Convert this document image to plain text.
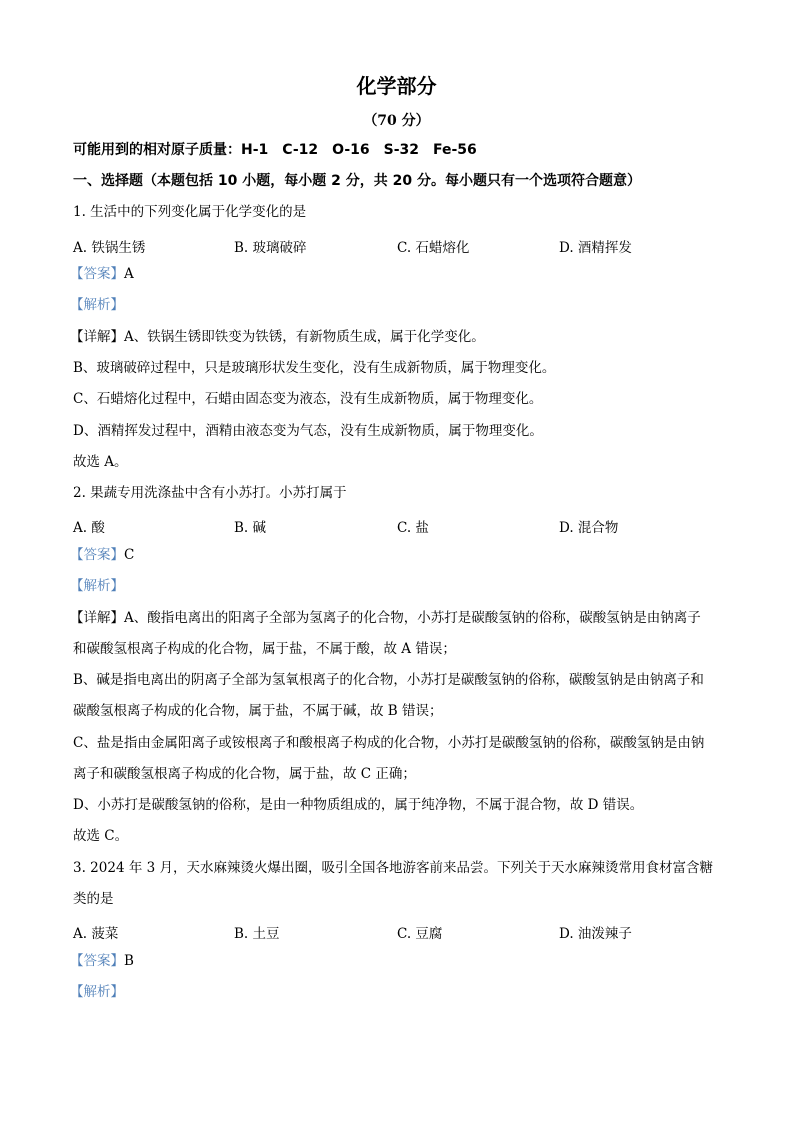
化学部分
（70 分）
可能用到的相对原子质量：H-1　C-12　O-16　S-32　Fe-56
一、选择题（本题包括 10 小题，每小题 2 分，共 20 分。每小题只有一个选项符合题意）
1. 生活中的下列变化属于化学变化的是
A. 铁锅生锈	B. 玻璃破碎	C. 石蜡熔化	D. 酒精挥发
【答案】A
【解析】
【详解】A、铁锅生锈即铁变为铁锈，有新物质生成，属于化学变化。
B、玻璃破碎过程中，只是玻璃形状发生变化，没有生成新物质，属于物理变化。
C、石蜡熔化过程中，石蜡由固态变为液态，没有生成新物质，属于物理变化。
D、酒精挥发过程中，酒精由液态变为气态，没有生成新物质，属于物理变化。
故选 A。
2. 果蔬专用洗涤盐中含有小苏打。小苏打属于
A. 酸	B. 碱	C. 盐	D. 混合物
【答案】C
【解析】
【详解】A、酸指电离出的阳离子全部为氢离子的化合物，小苏打是碳酸氢钠的俗称，碳酸氢钠是由钠离子
和碳酸氢根离子构成的化合物，属于盐，不属于酸，故 A 错误；
B、碱是指电离出的阴离子全部为氢氧根离子的化合物，小苏打是碳酸氢钠的俗称，碳酸氢钠是由钠离子和
碳酸氢根离子构成的化合物，属于盐，不属于碱，故 B 错误；
C、盐是指由金属阳离子或铵根离子和酸根离子构成的化合物，小苏打是碳酸氢钠的俗称，碳酸氢钠是由钠
离子和碳酸氢根离子构成的化合物，属于盐，故 C 正确；
D、小苏打是碳酸氢钠的俗称，是由一种物质组成的，属于纯净物，不属于混合物，故 D 错误。
故选 C。
3. 2024 年 3 月，天水麻辣烫火爆出圈，吸引全国各地游客前来品尝。下列关于天水麻辣烫常用食材富含糖
类的是
A. 菠菜	B. 土豆	C. 豆腐	D. 油泼辣子
【答案】B
【解析】
